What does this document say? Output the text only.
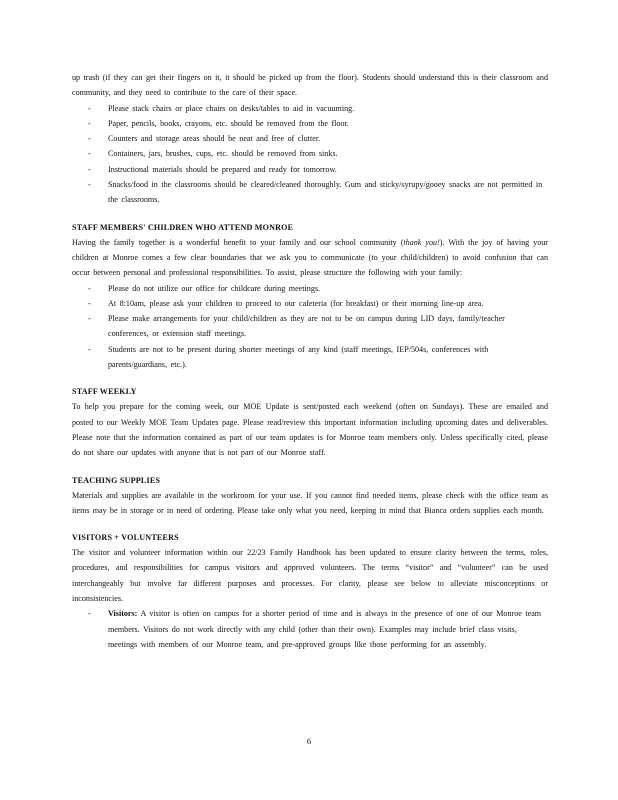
up trash (if they can get their fingers on it, it should be picked up from the floor). Students should understand this is their classroom and community, and they need to contribute to the care of their space.
- Please stack chairs or place chairs on desks/tables to aid in vacuuming.
- Paper, pencils, books, crayons, etc. should be removed from the floor.
- Counters and storage areas should be neat and free of clutter.
- Containers, jars, brushes, cups, etc. should be removed from sinks.
- Instructional materials should be prepared and ready for tomorrow.
- Snacks/food in the classrooms should be cleared/cleaned thoroughly. Gum and sticky/syrupy/gooey snacks are not permitted in the classrooms.
STAFF MEMBERS' CHILDREN WHO ATTEND MONROE
Having the family together is a wonderful benefit to your family and our school community (thank you!). With the joy of having your children at Monroe comes a few clear boundaries that we ask you to communicate (to your child/children) to avoid confusion that can occur between personal and professional responsibilities. To assist, please structure the following with your family:
- Please do not utilize our office for childcare during meetings.
- At 8:10am, please ask your children to proceed to our cafeteria (for breakfast) or their morning line-up area.
- Please make arrangements for your child/children as they are not to be on campus during LID days, family/teacher conferences, or extension staff meetings.
- Students are not to be present during shorter meetings of any kind (staff meetings, IEP/504s, conferences with parents/guardians, etc.).
STAFF WEEKLY
To help you prepare for the coming week, our MOE Update is sent/posted each weekend (often on Sundays). These are emailed and posted to our Weekly MOE Team Updates page. Please read/review this important information including upcoming dates and deliverables. Please note that the information contained as part of our team updates is for Monroe team members only. Unless specifically cited, please do not share our updates with anyone that is not part of our Monroe staff.
TEACHING SUPPLIES
Materials and supplies are available in the workroom for your use. If you cannot find needed items, please check with the office team as items may be in storage or in need of ordering. Please take only what you need, keeping in mind that Bianca orders supplies each month.
VISITORS + VOLUNTEERS
The visitor and volunteer information within our 22/23 Family Handbook has been updated to ensure clarity between the terms, roles, procedures, and responsibilities for campus visitors and approved volunteers. The terms “visitor” and “volunteer” can be used interchangeably but involve far different purposes and processes. For clarity, please see below to alleviate misconceptions or inconsistencies.
- Visitors: A visitor is often on campus for a shorter period of time and is always in the presence of one of our Monroe team members. Visitors do not work directly with any child (other than their own). Examples may include brief class visits, meetings with members of our Monroe team, and pre-approved groups like those performing for an assembly.
6
